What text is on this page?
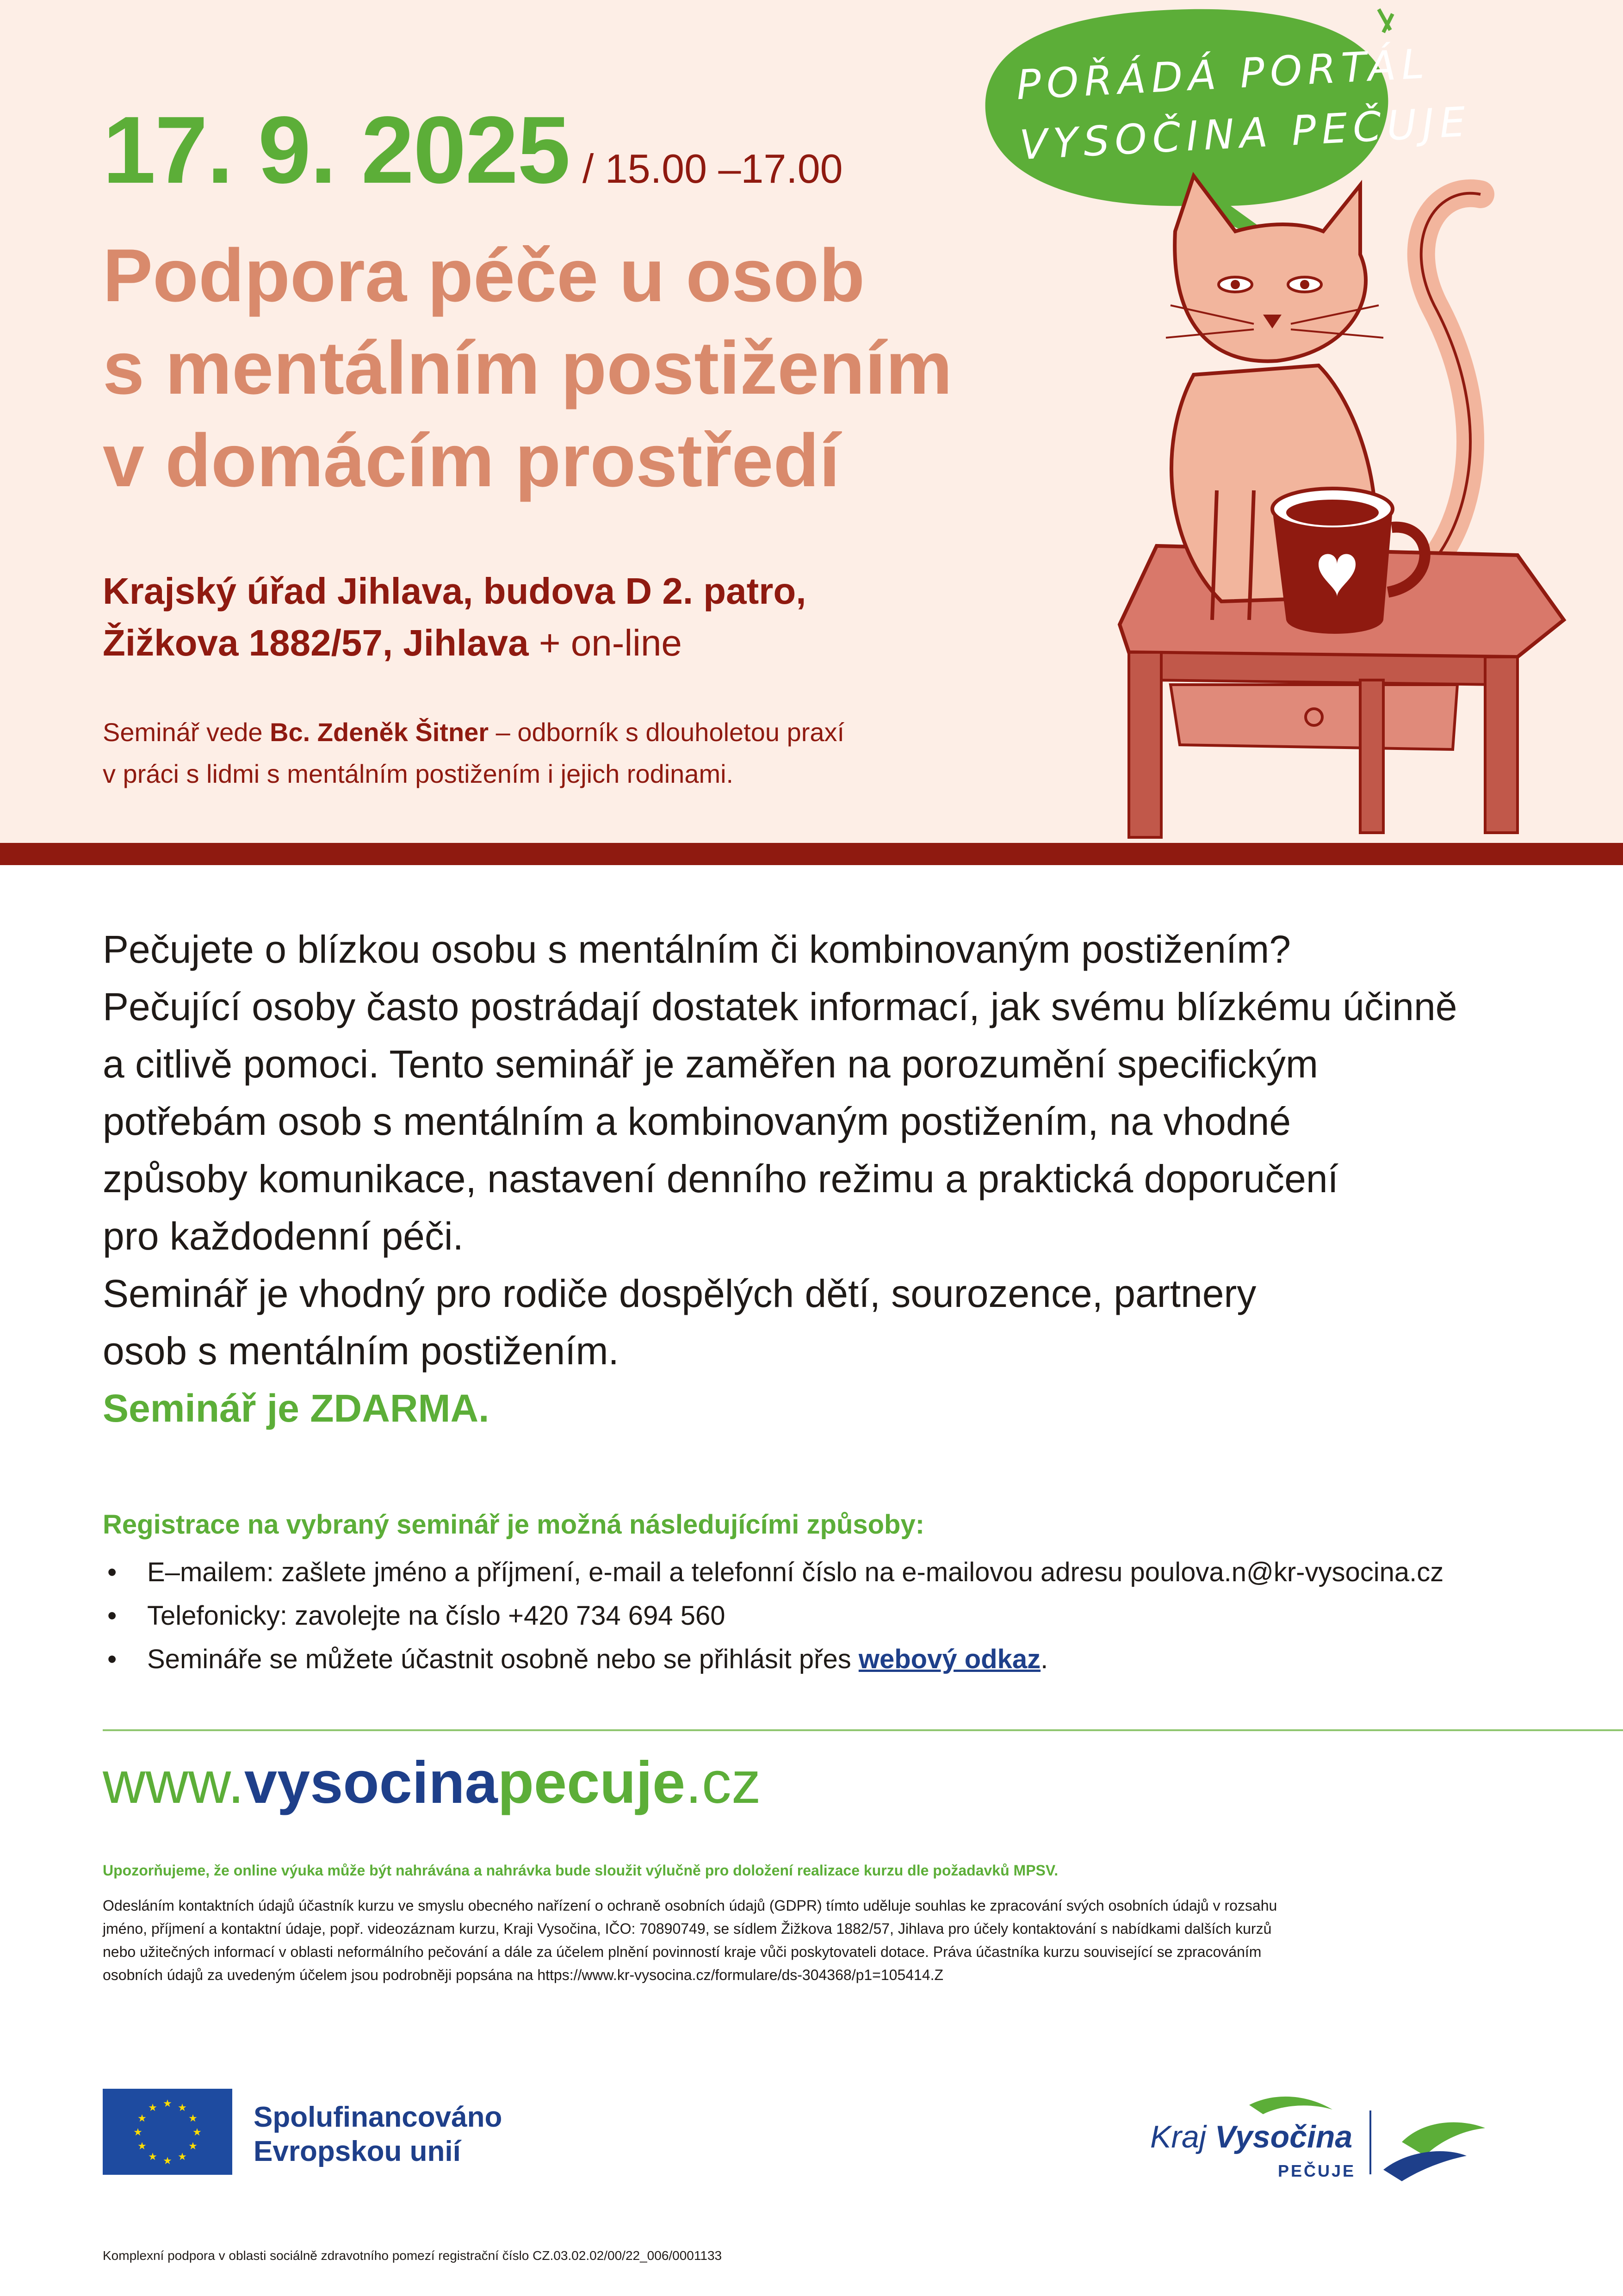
17. 9. 2025 / 15.00 –17.00
Podpora péče u osob
s mentálním postižením
v domácím prostředí
Krajský úřad Jihlava, budova D 2. patro,
Žižkova 1882/57, Jihlava + on-line
Seminář vede Bc. Zdeněk Šitner – odborník s dlouholetou praxí
v práci s lidmi s mentálním postižením i jejich rodinami.
POŘÁDÁ PORTÁL
VYSOČINA PEČUJE
Pečujete o blízkou osobu s mentálním či kombinovaným postižením?
Pečující osoby často postrádají dostatek informací, jak svému blízkému účinně
a citlivě pomoci. Tento seminář je zaměřen na porozumění specifickým
potřebám osob s mentálním a kombinovaným postižením, na vhodné
způsoby komunikace, nastavení denního režimu a praktická doporučení
pro každodenní péči.
Seminář je vhodný pro rodiče dospělých dětí, sourozence, partnery
osob s mentálním postižením.
Seminář je ZDARMA.
Registrace na vybraný seminář je možná následujícími způsoby:
• E–mailem: zašlete jméno a příjmení, e-mail a telefonní číslo na e-mailovou adresu poulova.n@kr-vysocina.cz
• Telefonicky: zavolejte na číslo +420 734 694 560
• Semináře se můžete účastnit osobně nebo se přihlásit přes webový odkaz.
www.vysocinapecuje.cz
Upozorňujeme, že online výuka může být nahrávána a nahrávka bude sloužit výlučně pro doložení realizace kurzu dle požadavků MPSV.
Odesláním kontaktních údajů účastník kurzu ve smyslu obecného nařízení o ochraně osobních údajů (GDPR) tímto uděluje souhlas ke zpracování svých osobních údajů v rozsahu
jméno, příjmení a kontaktní údaje, popř. videozáznam kurzu, Kraji Vysočina, IČO: 70890749, se sídlem Žižkova 1882/57, Jihlava pro účely kontaktování s nabídkami dalších kurzů
nebo užitečných informací v oblasti neformálního pečování a dále za účelem plnění povinností kraje vůči poskytovateli dotace. Práva účastníka kurzu související se zpracováním
osobních údajů za uvedeným účelem jsou podrobněji popsána na https://www.kr-vysocina.cz/formulare/ds-304368/p1=105414.Z
★ ★
★
★
★
★
★
★
★
★
★
★	Spolufinancováno
Evropskou unií	Kraj Vysočina
PEČUJE
Komplexní podpora v oblasti sociálně zdravotního pomezí registrační číslo CZ.03.02.02/00/22_006/0001133
